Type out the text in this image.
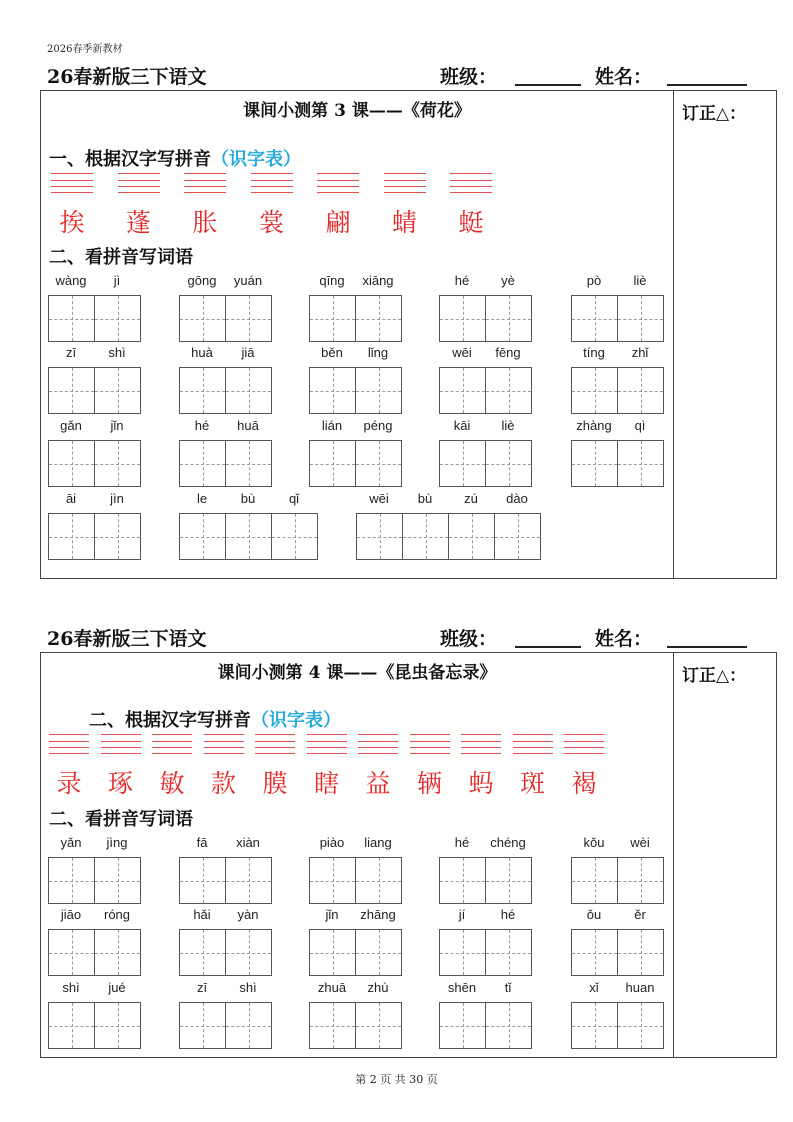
2026春季新教材
26春新版三下语文	班级：	姓名：
订正△：
课间小测第 3 课——《荷花》
一、根据汉字写拼音（识字表）
挨	蓬	胀	裳	翩	蜻	蜓
二、看拼音写词语
wàng	jì	gōng	yuán	qīng	xiāng	hé	yè	pò	liè
zī	shì	huà	jiā	běn	lǐng	wēi	fēng	tíng	zhǐ
gǎn	jǐn	hé	huā	lián	péng	kāi	liè	zhàng	qì
āi	jìn	le	bù	qǐ	wēi	bù	zú	dào
26春新版三下语文	班级：	姓名：
订正△：
课间小测第 4 课——《昆虫备忘录》
二、根据汉字写拼音（识字表）
录	琢	敏	款	膜	瞎	益	辆	蚂	斑	褐
二、看拼音写词语
yǎn	jìng	fā	xiàn	piào	liang	hé	chéng	kǒu	wèi
jiāo	róng	hǎi	yàn	jǐn	zhāng	jí	hé	ǒu	ěr
shì	jué	zī	shì	zhuā	zhù	shēn	tǐ	xǐ	huan
第 2 页 共 30 页
